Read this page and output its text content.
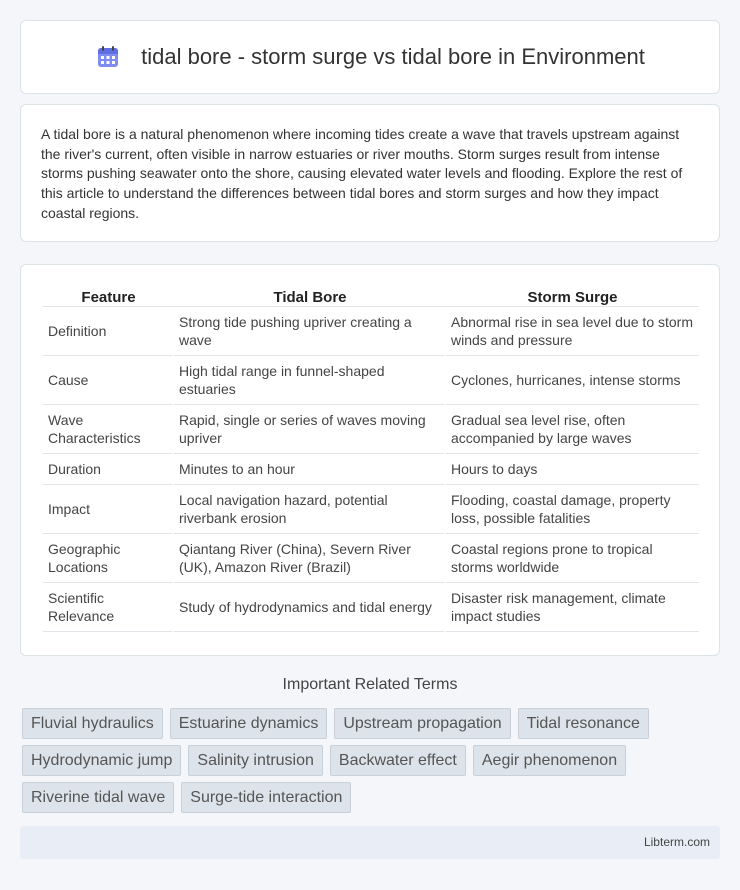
tidal bore - storm surge vs tidal bore in Environment

A tidal bore is a natural phenomenon where incoming tides create a wave that travels upstream against the river's current, often visible in narrow estuaries or river mouths. Storm surges result from intense storms pushing seawater onto the shore, causing elevated water levels and flooding. Explore the rest of this article to understand the differences between tidal bores and storm surges and how they impact coastal regions.

Feature	Tidal Bore	Storm Surge
Definition	Strong tide pushing upriver creating a wave	Abnormal rise in sea level due to storm winds and pressure
Cause	High tidal range in funnel-shaped estuaries	Cyclones, hurricanes, intense storms
Wave Characteristics	Rapid, single or series of waves moving upriver	Gradual sea level rise, often accompanied by large waves
Duration	Minutes to an hour	Hours to days
Impact	Local navigation hazard, potential riverbank erosion	Flooding, coastal damage, property loss, possible fatalities
Geographic Locations	Qiantang River (China), Severn River (UK), Amazon River (Brazil)	Coastal regions prone to tropical storms worldwide
Scientific Relevance	Study of hydrodynamics and tidal energy	Disaster risk management, climate impact studies
Important Related Terms
Fluvial hydraulics	Estuarine dynamics	Upstream propagation	Tidal resonance
Hydrodynamic jump	Salinity intrusion	Backwater effect	Aegir phenomenon
Riverine tidal wave	Surge-tide interaction
Libterm.com
